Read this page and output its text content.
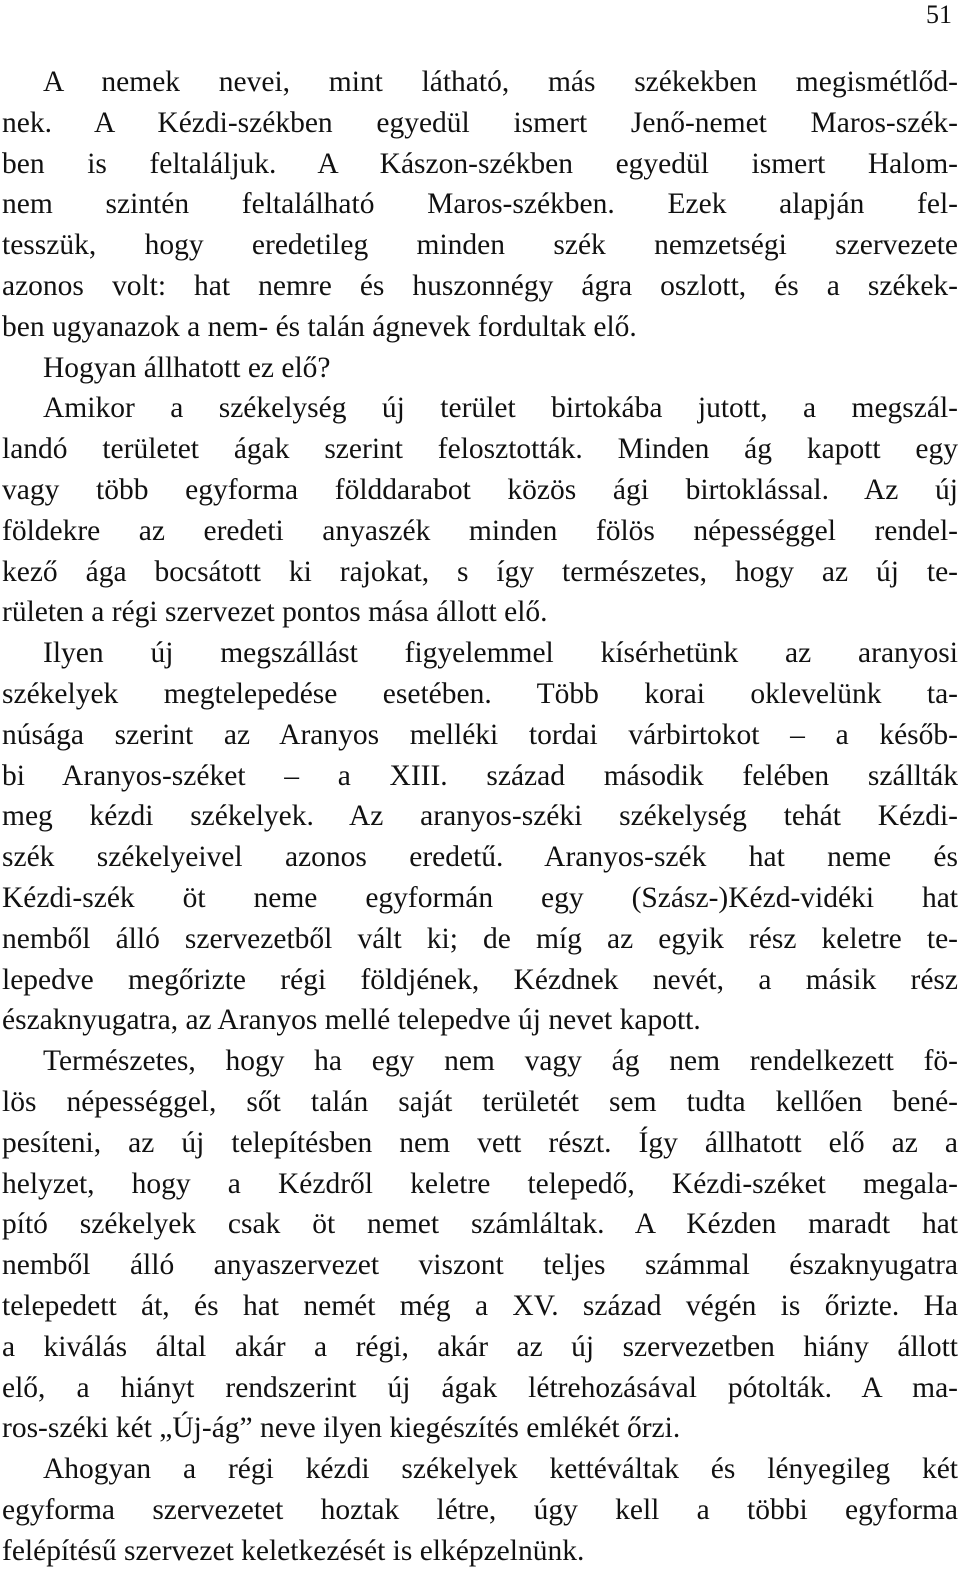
51
A nemek nevei, mint látható, más székekben megismétlőd-
nek. A Kézdi-székben egyedül ismert Jenő-nemet Maros-szék-
ben is feltaláljuk. A Kászon-székben egyedül ismert Halom-
nem szintén feltalálható Maros-székben. Ezek alapján fel-
tesszük, hogy eredetileg minden szék nemzetségi szervezete
azonos volt: hat nemre és huszonnégy ágra oszlott, és a székek-
ben ugyanazok a nem- és talán ágnevek fordultak elő.
Hogyan állhatott ez elő?
Amikor a székelység új terület birtokába jutott, a megszál-
landó területet ágak szerint felosztották. Minden ág kapott egy
vagy több egyforma földdarabot közös ági birtoklással. Az új
földekre az eredeti anyaszék minden fölös népességgel rendel-
kező ága bocsátott ki rajokat, s így természetes, hogy az új te-
rületen a régi szervezet pontos mása állott elő.
Ilyen új megszállást figyelemmel kísérhetünk az aranyosi
székelyek megtelepedése esetében. Több korai oklevelünk ta-
núsága szerint az Aranyos melléki tordai várbirtokot – a későb-
bi Aranyos-széket – a XIII. század második felében szállták
meg kézdi székelyek. Az aranyos-széki székelység tehát Kézdi-
szék székelyeivel azonos eredetű. Aranyos-szék hat neme és
Kézdi-szék öt neme egyformán egy (Szász-)Kézd-vidéki hat
nemből álló szervezetből vált ki; de míg az egyik rész keletre te-
lepedve megőrizte régi földjének, Kézdnek nevét, a másik rész
északnyugatra, az Aranyos mellé telepedve új nevet kapott.
Természetes, hogy ha egy nem vagy ág nem rendelkezett fö-
lös népességgel, sőt talán saját területét sem tudta kellően bené-
pesíteni, az új telepítésben nem vett részt. Így állhatott elő az a
helyzet, hogy a Kézdről keletre telepedő, Kézdi-széket megala-
pító székelyek csak öt nemet számláltak. A Kézden maradt hat
nemből álló anyaszervezet viszont teljes számmal északnyugatra
telepedett át, és hat nemét még a XV. század végén is őrizte. Ha
a kiválás által akár a régi, akár az új szervezetben hiány állott
elő, a hiányt rendszerint új ágak létrehozásával pótolták. A ma-
ros-széki két „Új-ág” neve ilyen kiegészítés emlékét őrzi.
Ahogyan a régi kézdi székelyek kettéváltak és lényegileg két
egyforma szervezetet hoztak létre, úgy kell a többi egyforma
felépítésű szervezet keletkezését is elképzelnünk.
